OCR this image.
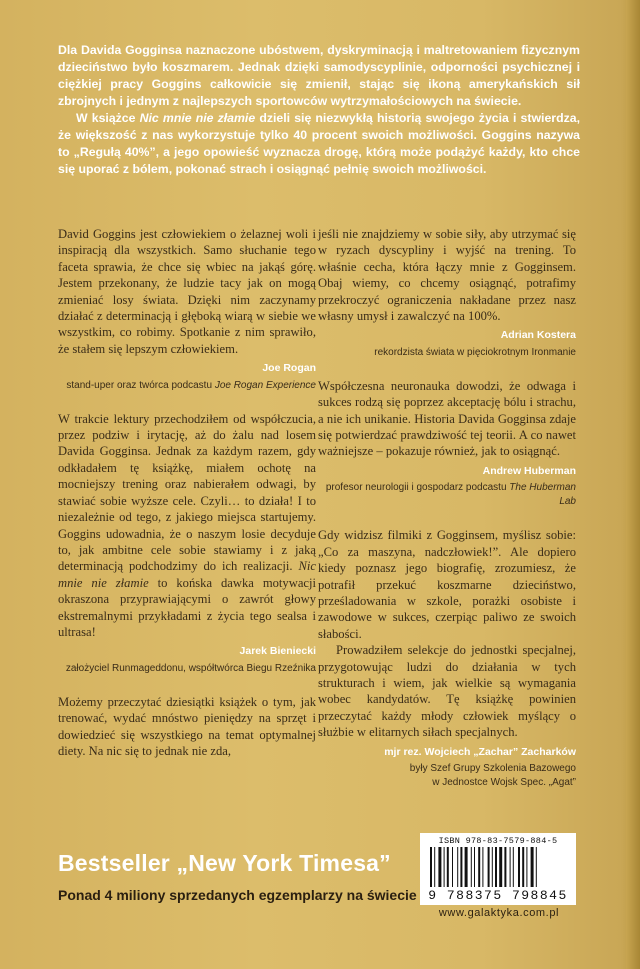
Dla Davida Gogginsa naznaczone ubóstwem, dyskryminacją i maltretowaniem fizycznym dzieciństwo było koszmarem. Jednak dzięki samodyscyplinie, odporności psychicznej i ciężkiej pracy Goggins całkowicie się zmienił, stając się ikoną amerykańskich sił zbrojnych i jednym z najlepszych sportowców wytrzymałościowych na świecie.

W książce Nic mnie nie złamie dzieli się niezwykłą historią swojego życia i stwierdza, że większość z nas wykorzystuje tylko 40 procent swoich możliwości. Goggins nazywa to „Regułą 40%”, a jego opowieść wyznacza drogę, którą może podążyć każdy, kto chce się uporać z bólem, pokonać strach i osiągnąć pełnię swoich możliwości.

David Goggins jest człowiekiem o żelaznej woli i inspiracją dla wszystkich. Samo słuchanie tego faceta sprawia, że chce się wbiec na jakąś górę. Jestem przekonany, że ludzie tacy jak on mogą zmieniać losy świata. Dzięki nim zaczynamy działać z determinacją i głęboką wiarą w siebie we wszystkim, co robimy. Spotkanie z nim sprawiło, że stałem się lepszym człowiekiem.

Joe Rogan
stand-uper oraz twórca podcastu Joe Rogan Experience

W trakcie lektury przechodziłem od współczucia, przez podziw i irytację, aż do żalu nad losem Davida Gogginsa. Jednak za każdym razem, gdy odkładałem tę książkę, miałem ochotę na mocniejszy trening oraz nabierałem odwagi, by stawiać sobie wyższe cele. Czyli… to działa! I to niezależnie od tego, z jakiego miejsca startujemy. Goggins udowadnia, że o naszym losie decyduje to, jak ambitne cele sobie stawiamy i z jaką determinacją podchodzimy do ich realizacji. Nic mnie nie złamie to końska dawka motywacji okraszona przyprawiającymi o zawrót głowy ekstremalnymi przykładami z życia tego sealsa i ultrasa!

Jarek Bieniecki
założyciel Runmageddonu, współtwórca Biegu Rzeźnika

Możemy przeczytać dziesiątki książek o tym, jak trenować, wydać mnóstwo pieniędzy na sprzęt i dowiedzieć się wszystkiego na temat optymalnej diety. Na nic się to jednak nie zda,

jeśli nie znajdziemy w sobie siły, aby utrzymać się w ryzach dyscypliny i wyjść na trening. To właśnie cecha, która łączy mnie z Gogginsem. Obaj wiemy, co chcemy osiągnąć, potrafimy przekroczyć ograniczenia nakładane przez nasz własny umysł i zawalczyć na 100%.

Adrian Kostera
rekordzista świata w pięciokrotnym Ironmanie

Współczesna neuronauka dowodzi, że odwaga i sukces rodzą się poprzez akceptację bólu i strachu, a nie ich unikanie. Historia Davida Gogginsa zdaje się potwierdzać prawdziwość tej teorii. A co nawet ważniejsze – pokazuje również, jak to osiągnąć.

Andrew Huberman
profesor neurologii i gospodarz podcastu The Huberman Lab

Gdy widzisz filmiki z Gogginsem, myślisz sobie: „Co za maszyna, nadczłowiek!”. Ale dopiero kiedy poznasz jego biografię, zrozumiesz, że potrafił przekuć koszmarne dzieciństwo, prześladowania w szkole, porażki osobiste i zawodowe w sukces, czerpiąc paliwo ze swoich słabości.

Prowadziłem selekcje do jednostki specjalnej, przygotowując ludzi do działania w tych strukturach i wiem, jak wielkie są wymagania wobec kandydatów. Tę książkę powinien przeczytać każdy młody człowiek myślący o służbie w elitarnych siłach specjalnych.

mjr rez. Wojciech „Zachar” Zacharków
były Szef Grupy Szkolenia Bazowego
w Jednostce Wojsk Spec. „Agat”
Bestseller „New York Timesa”
Ponad 4 miliony sprzedanych egzemplarzy na świecie
ISBN 978-83-7579-884-5
9 788375 798845
www.galaktyka.com.pl
